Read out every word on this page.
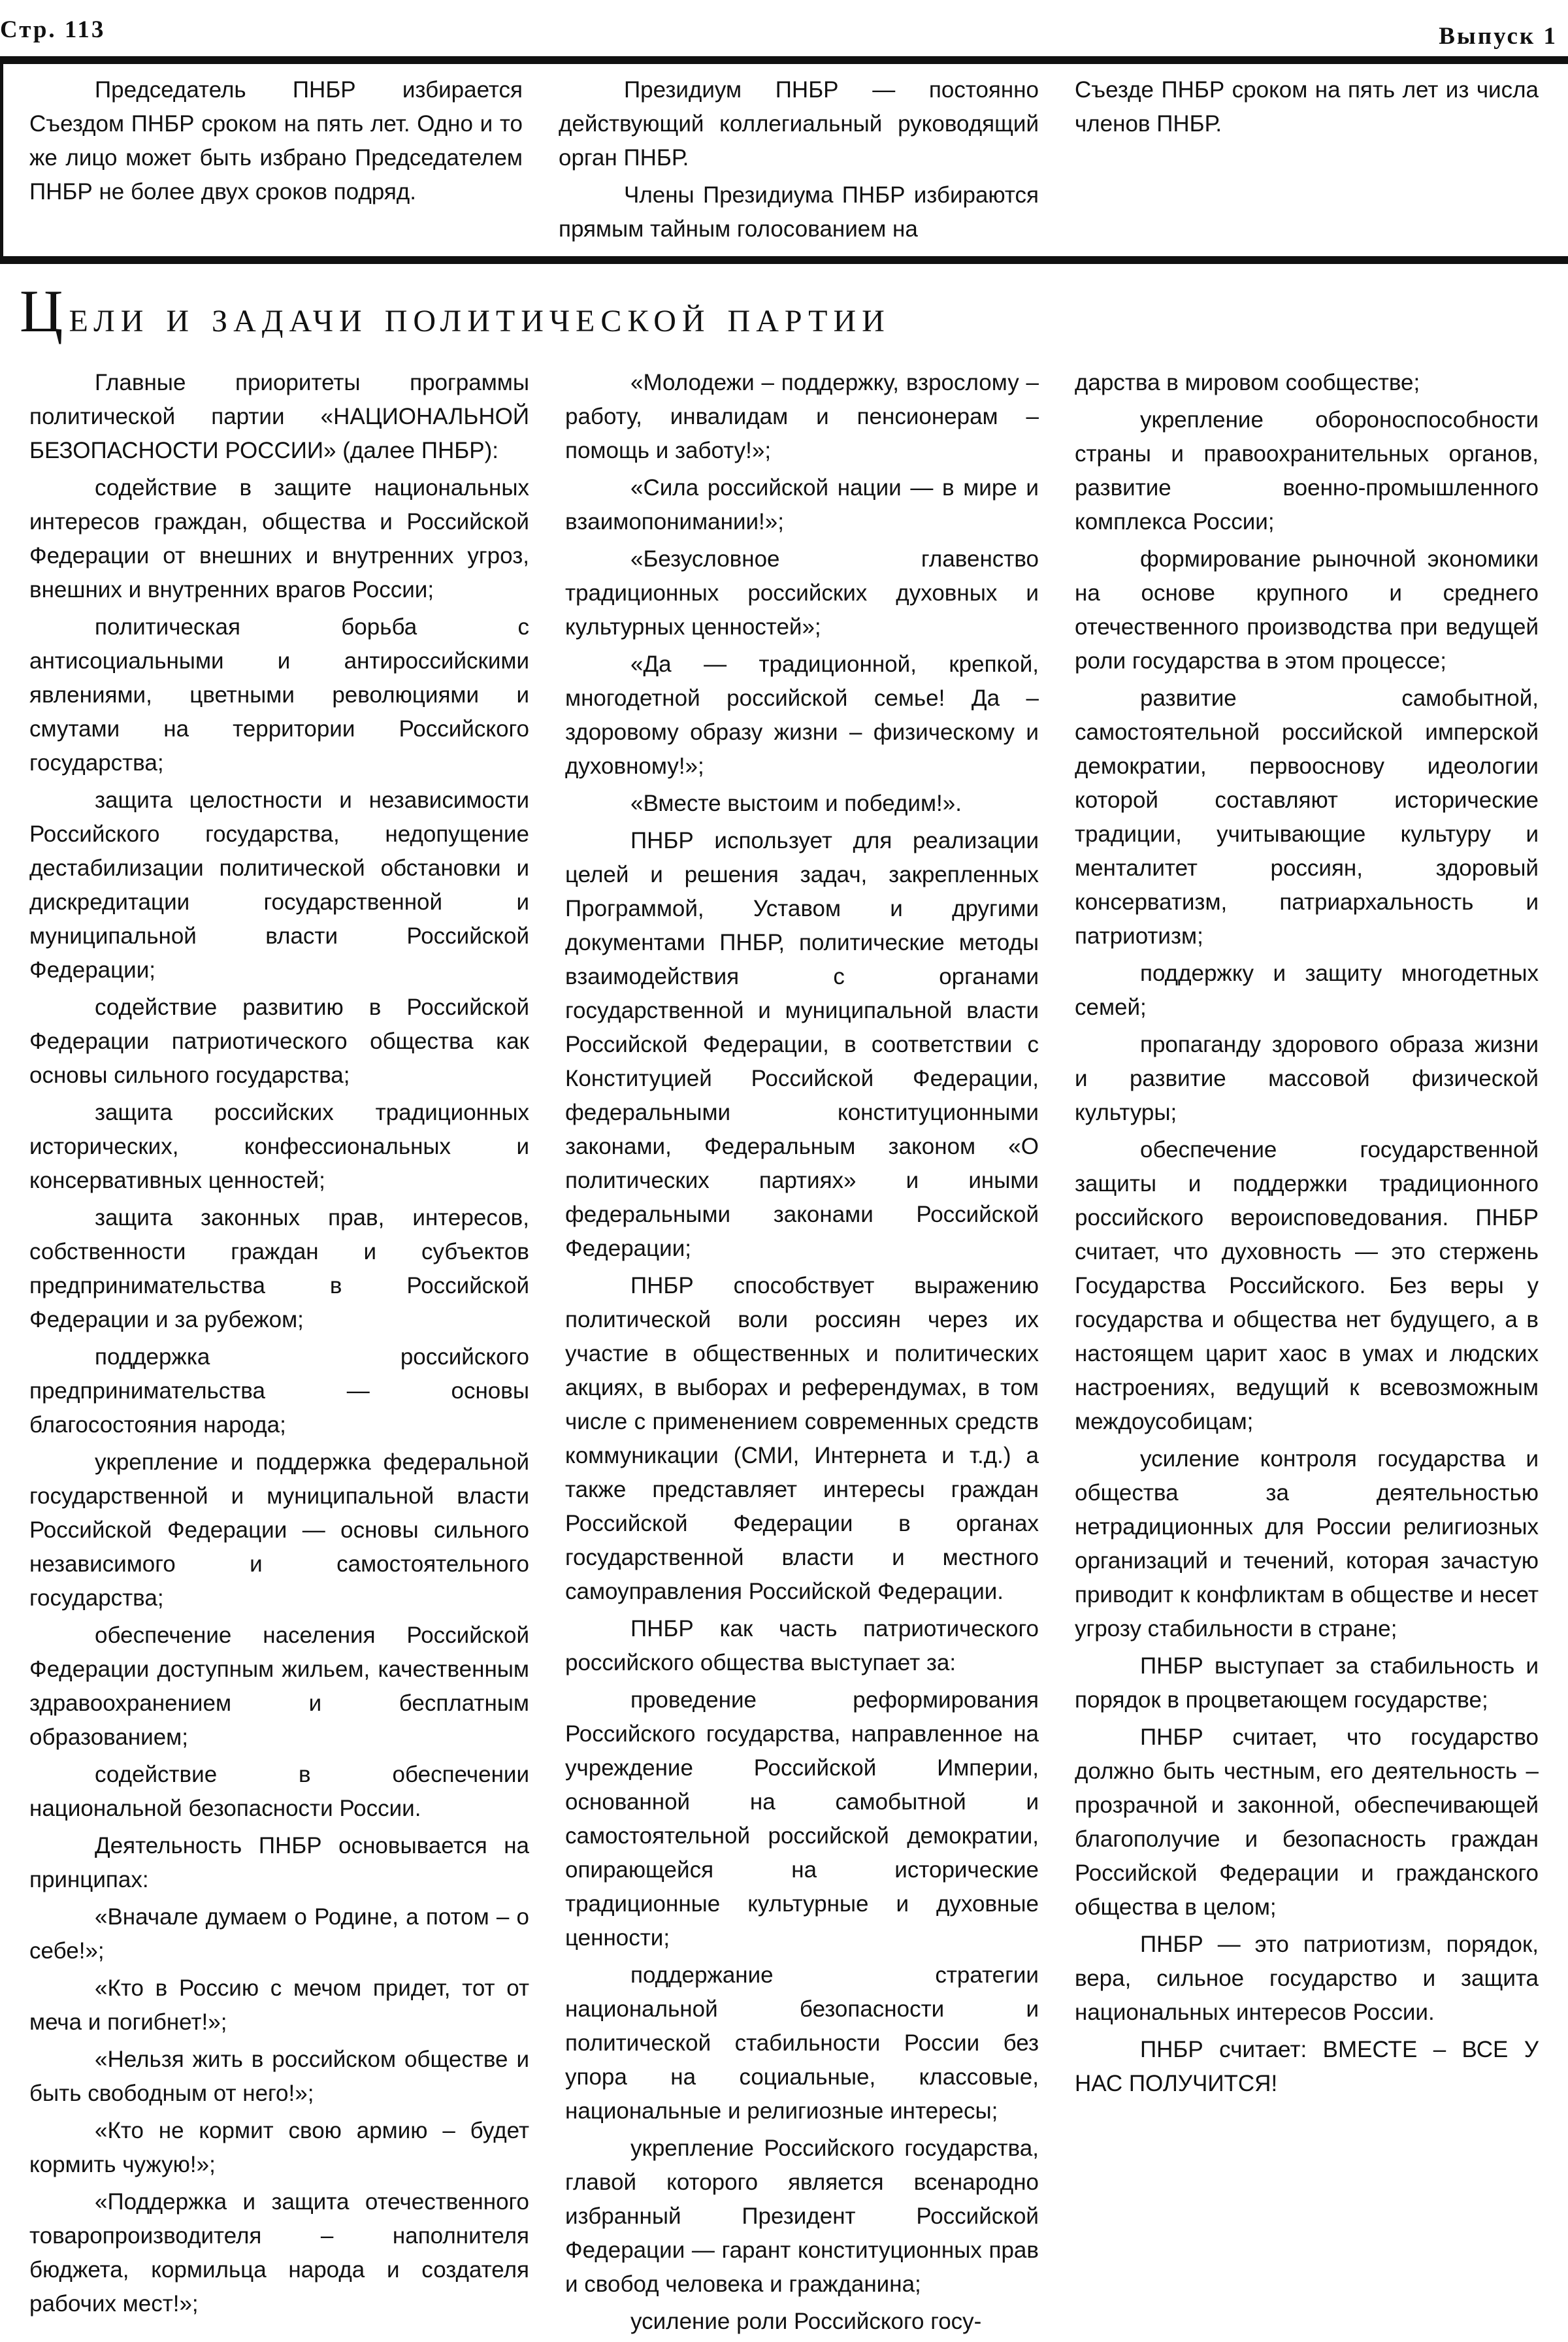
Стр. 113	Выпуск 1

Председатель ПНБР избирается Съездом ПНБР сроком на пять лет. Одно и то же лицо может быть избрано Председателем ПНБР не более двух сроков подряд.

Президиум ПНБР — постоянно действующий коллегиальный руководящий орган ПНБР.

Члены Президиума ПНБР избираются прямым тайным голосованием на

Съезде ПНБР сроком на пять лет из числа членов ПНБР.

Цели и задачи политической партии

Главные приоритеты программы политической партии «НАЦИОНАЛЬНОЙ БЕЗОПАСНОСТИ РОССИИ» (далее ПНБР):

содействие в защите национальных интересов граждан, общества и Российской Федерации от внешних и внутренних угроз, внешних и внутренних врагов России;

политическая борьба с антисоциальными и антироссийскими явлениями, цветными революциями и смутами на территории Российского государства;

защита целостности и независимости Российского государства, недопущение дестабилизации политической обстановки и дискредитации государственной и муниципальной власти Российской Федерации;

содействие развитию в Российской Федерации патриотического общества как основы сильного государства;

защита российских традиционных исторических, конфессиональных и консервативных ценностей;

защита законных прав, интересов, собственности граждан и субъектов предпринимательства в Российской Федерации и за рубежом;

поддержка российского предпринимательства — основы благосостояния народа;

укрепление и поддержка федеральной государственной и муниципальной власти Российской Федерации — основы сильного независимого и самостоятельного государства;

обеспечение населения Российской Федерации доступным жильем, качественным здравоохранением и бесплатным образованием;

содействие в обеспечении национальной безопасности России.

Деятельность ПНБР основывается на принципах:

«Вначале думаем о Родине, а потом – о себе!»;

«Кто в Россию с мечом придет, тот от меча и погибнет!»;

«Нельзя жить в российском обществе и быть свободным от него!»;

«Кто не кормит свою армию – будет кормить чужую!»;

«Поддержка и защита отечественного товаропроизводителя – наполнителя бюджета, кормильца народа и создателя рабочих мест!»;

«Молодежи – поддержку, взрослому – работу, инвалидам и пенсионерам – помощь и заботу!»;

«Сила российской нации — в мире и взаимопонимании!»;

«Безусловное главенство традиционных российских духовных и культурных ценностей»;

«Да — традиционной, крепкой, многодетной российской семье! Да – здоровому образу жизни – физическому и духовному!»;

«Вместе выстоим и победим!».

ПНБР использует для реализации целей и решения задач, закрепленных Программой, Уставом и другими документами ПНБР, политические методы взаимодействия с органами государственной и муниципальной власти Российской Федерации, в соответствии с Конституцией Российской Федерации, федеральными конституционными законами, Федеральным законом «О политических партиях» и иными федеральными законами Российской Федерации;

ПНБР способствует выражению политической воли россиян через их участие в общественных и политических акциях, в выборах и референдумах, в том числе с применением современных средств коммуникации (СМИ, Интернета и т.д.) а также представляет интересы граждан Российской Федерации в органах государственной власти и местного самоуправления Российской Федерации.

ПНБР как часть патриотического российского общества выступает за:

проведение реформирования Российского государства, направленное на учреждение Российской Империи, основанной на самобытной и самостоятельной российской демократии, опирающейся на исторические традиционные культурные и духовные ценности;

поддержание стратегии национальной безопасности и политической стабильности России без упора на социальные, классовые, национальные и религиозные интересы;

укрепление Российского государства, главой которого является всенародно избранный Президент Российской Федерации — гарант конституционных прав и свобод человека и гражданина;

усиление роли Российского госу-

дарства в мировом сообществе;

укрепление обороноспособности страны и правоохранительных органов, развитие военно-промышленного комплекса России;

формирование рыночной экономики на основе крупного и среднего отечественного производства при ведущей роли государства в этом процессе;

развитие самобытной, самостоятельной российской имперской демократии, первооснову идеологии которой составляют исторические традиции, учитывающие культуру и менталитет россиян, здоровый консерватизм, патриархальность и патриотизм;

поддержку и защиту многодетных семей;

пропаганду здорового образа жизни и развитие массовой физической культуры;

обеспечение государственной защиты и поддержки традиционного российского вероисповедования. ПНБР считает, что духовность — это стержень Государства Российского. Без веры у государства и общества нет будущего, а в настоящем царит хаос в умах и людских настроениях, ведущий к всевозможным междоусобицам;

усиление контроля государства и общества за деятельностью нетрадиционных для России религиозных организаций и течений, которая зачастую приводит к конфликтам в обществе и несет угрозу стабильности в стране;

ПНБР выступает за стабильность и порядок в процветающем государстве;

ПНБР считает, что государство должно быть честным, его деятельность – прозрачной и законной, обеспечивающей благополучие и безопасность граждан Российской Федерации и гражданского общества в целом;

ПНБР — это патриотизм, порядок, вера, сильное государство и защита национальных интересов России.

ПНБР считает: ВМЕСТЕ – ВСЕ У НАС ПОЛУЧИТСЯ!
